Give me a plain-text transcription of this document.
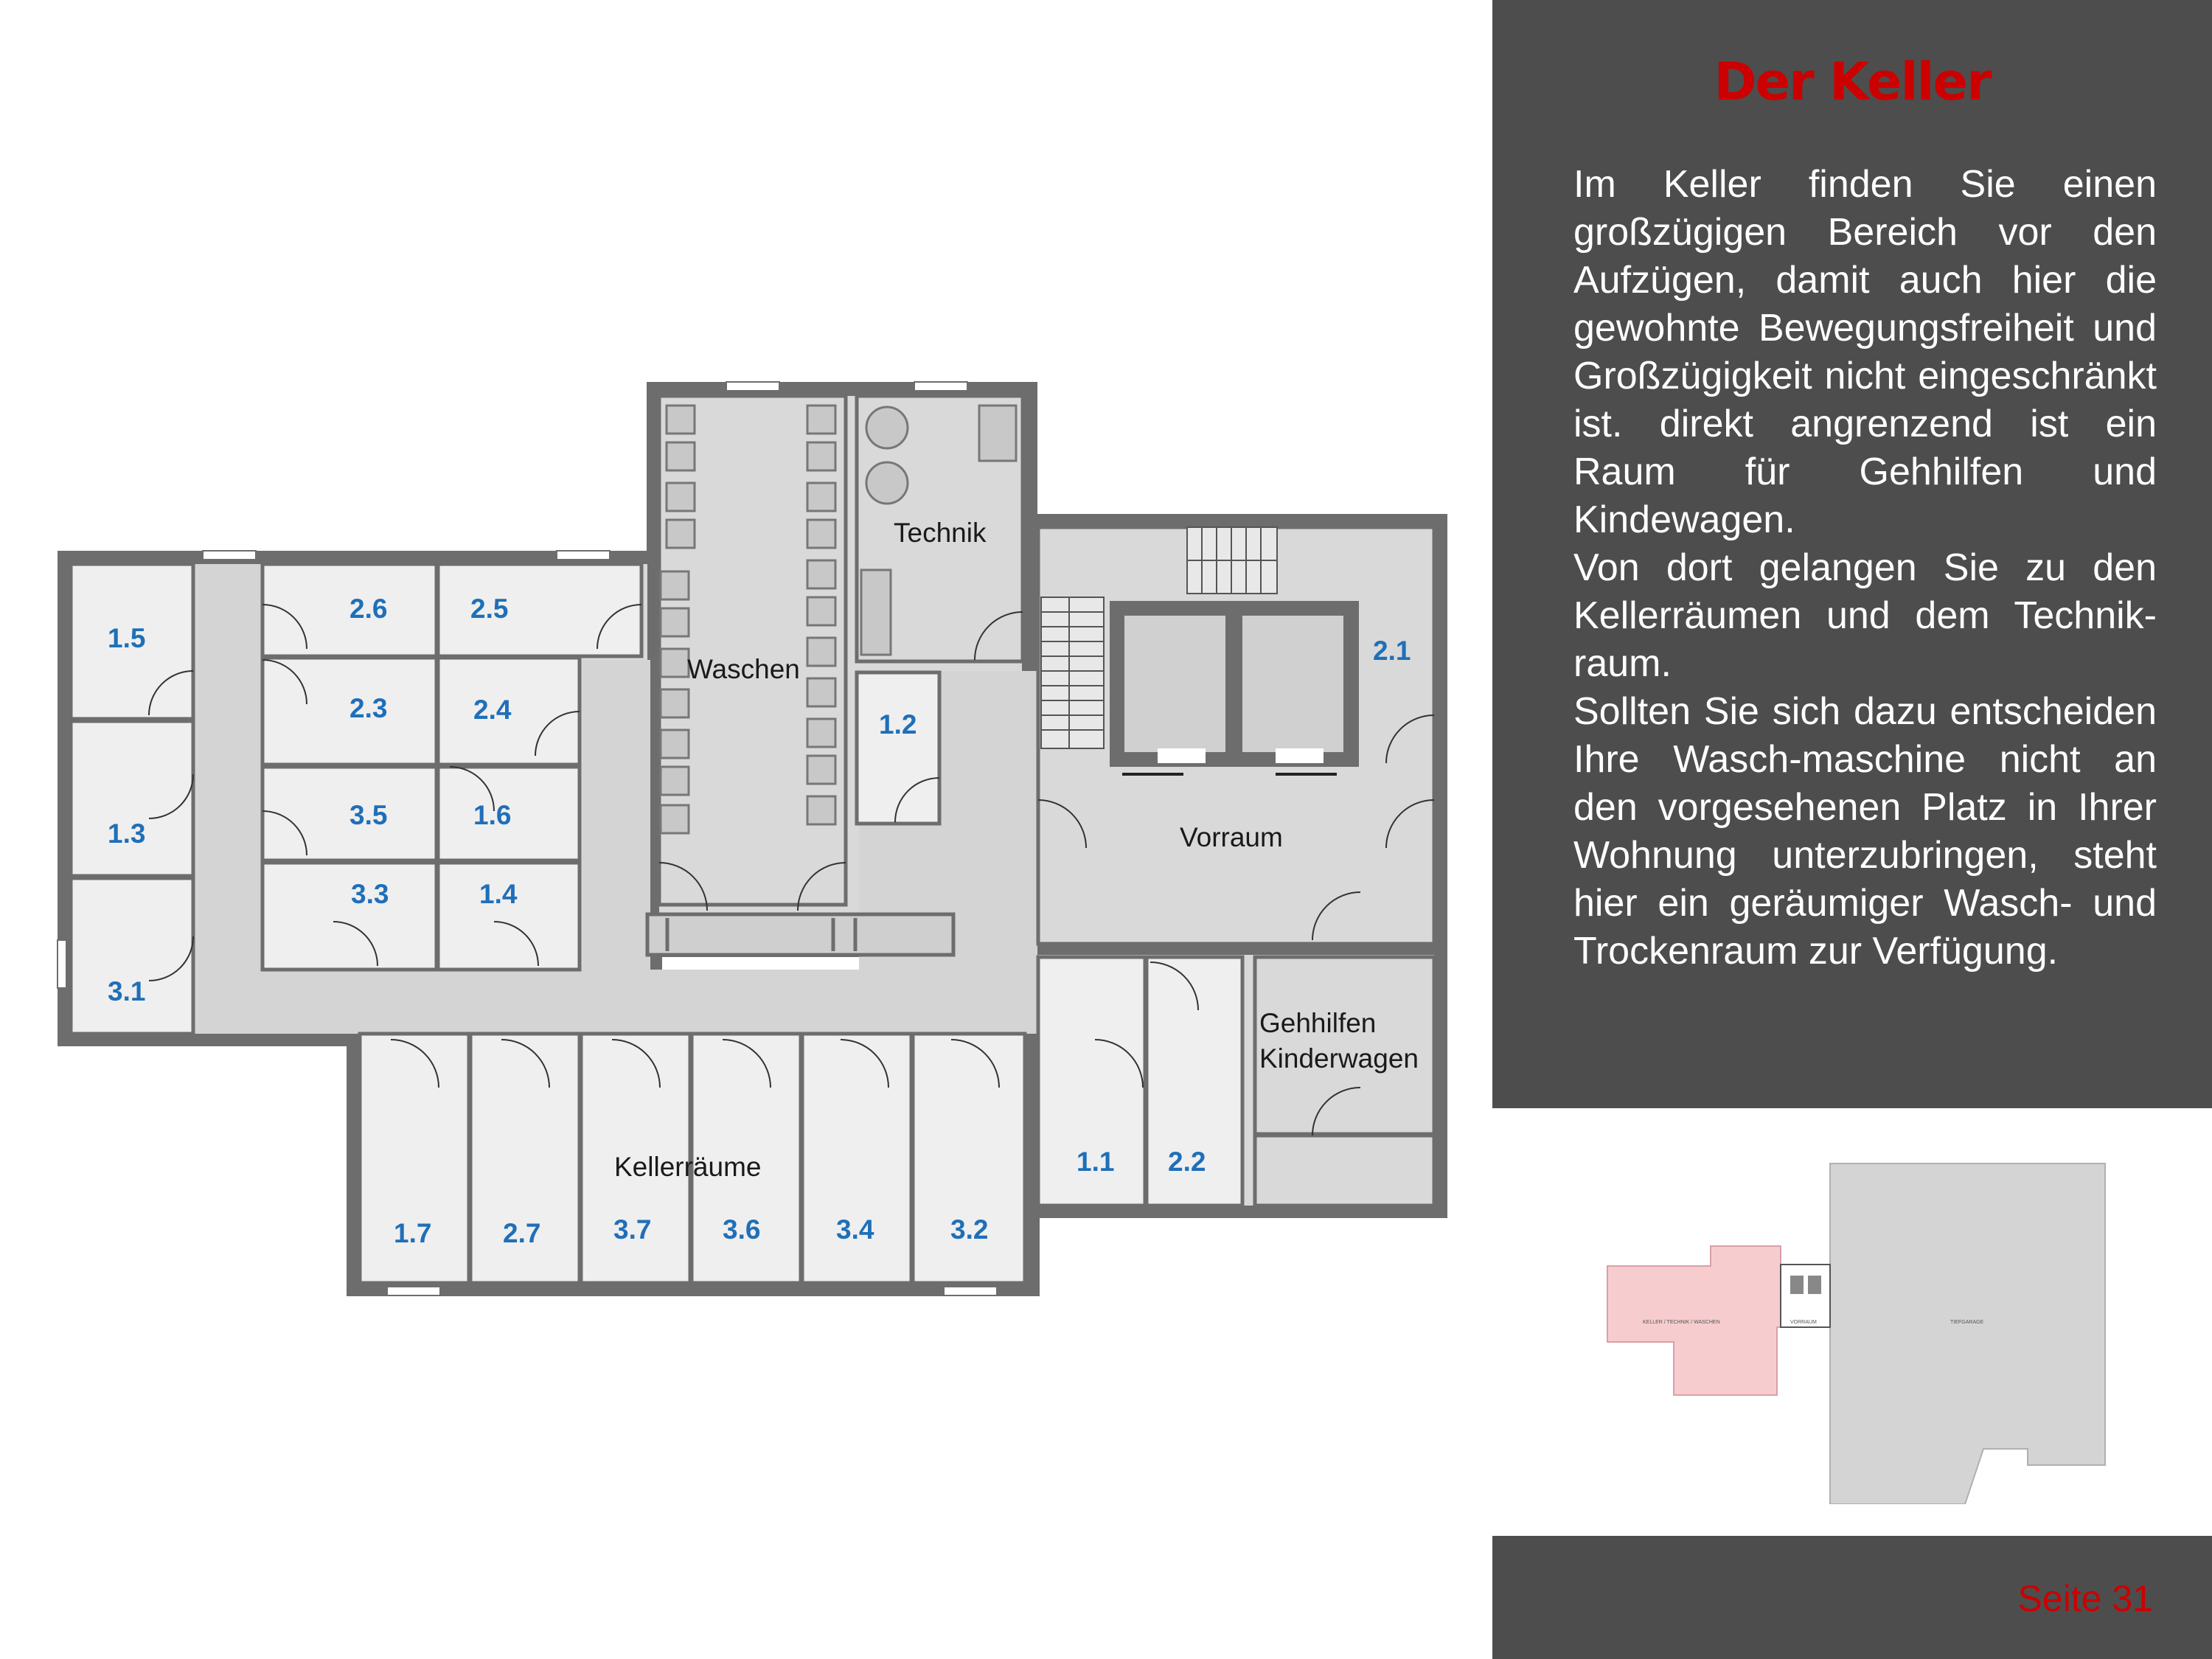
Waschen
Technik
Vorraum
Kellerräume
Gehhilfen
Kinderwagen
1.5
1.3
3.1
2.6	2.5
2.3	2.4
3.5	1.6
3.3	1.4
1.2
2.1
1.7	2.7	3.7	3.6	3.4	3.2
1.1 2.2
Der Keller

Im Keller finden Sie einen großzügigen Bereich vor den Aufzügen, damit auch hier die gewohnte Bewegungsfreiheit und Großzügigkeit nicht eingeschränkt ist. direkt angrenzend ist ein Raum für Gehhilfen und Kindewagen.

Von dort gelangen Sie zu den Kellerräumen und dem Technik-raum.

Sollten Sie sich dazu entscheiden Ihre Wasch-maschine nicht an den vorgesehenen Platz in Ihrer Wohnung unterzubringen, steht hier ein geräumiger Wasch- und Trockenraum zur Verfügung.

KELLER / TECHNIK / WASCHEN	VORRAUM	TIEFGARAGE
Seite 31
